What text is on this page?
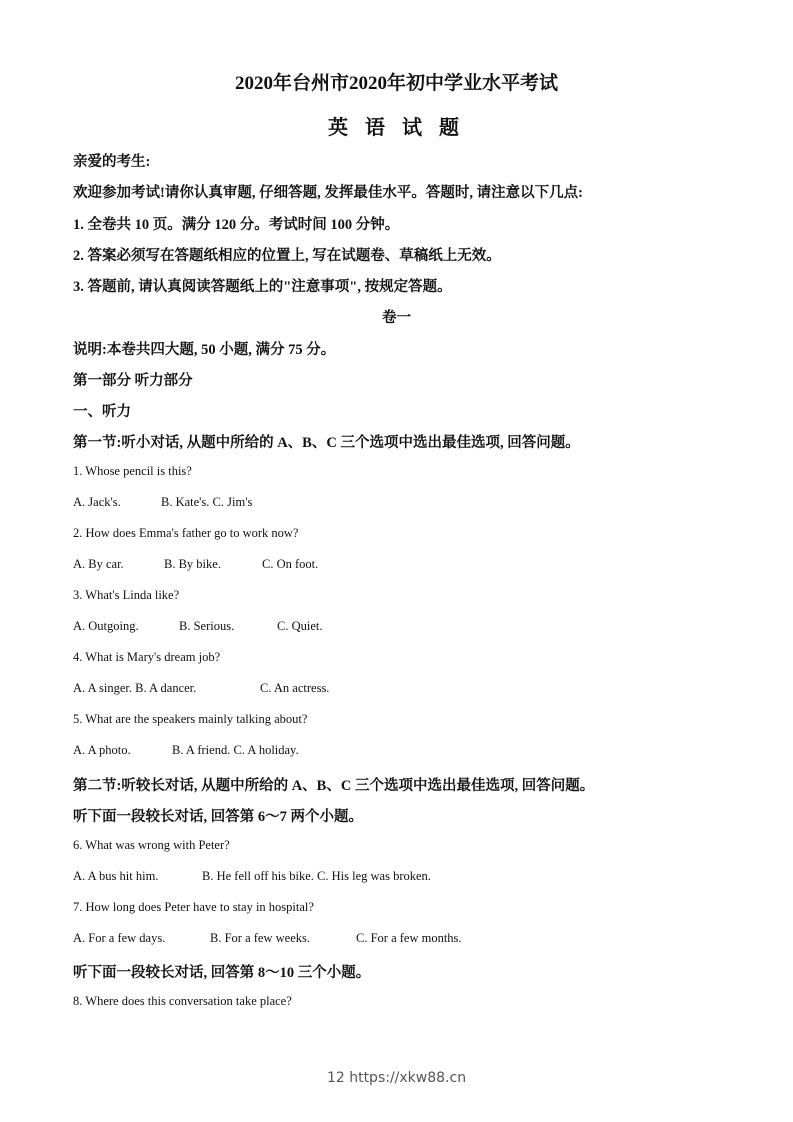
2020年台州市2020年初中学业水平考试
英 语 试 题
亲爱的考生:
欢迎参加考试!请你认真审题, 仔细答题, 发挥最佳水平。答题时, 请注意以下几点:
1. 全卷共 10 页。满分 120 分。考试时间 100 分钟。
2. 答案必须写在答题纸相应的位置上, 写在试题卷、草稿纸上无效。
3. 答题前, 请认真阅读答题纸上的"注意事项", 按规定答题。
卷一
说明:本卷共四大题, 50 小题, 满分 75 分。
第一部分 听力部分
一、听力
第一节:听小对话, 从题中所给的 A、B、C 三个选项中选出最佳选项, 回答问题。
1. Whose pencil is this?
A. Jack's.	B. Kate's. C. Jim's
2. How does Emma's father go to work now?
A. By car.	B. By bike.	C. On foot.
3. What's Linda like?
A. Outgoing.	B. Serious.	C. Quiet.
4. What is Mary's dream job?
A. A singer. B. A dancer.	C. An actress.
5. What are the speakers mainly talking about?
A. A photo.	B. A friend. C. A holiday.
第二节:听较长对话, 从题中所给的 A、B、C 三个选项中选出最佳选项, 回答问题。
听下面一段较长对话, 回答第 6～7 两个小题。
6. What was wrong with Peter?
A. A bus hit him.	B. He fell off his bike. C. His leg was broken.
7. How long does Peter have to stay in hospital?
A. For a few days.	B. For a few weeks.	C. For a few months.
听下面一段较长对话, 回答第 8～10 三个小题。
8. Where does this conversation take place?
12 https://xkw88.cn
